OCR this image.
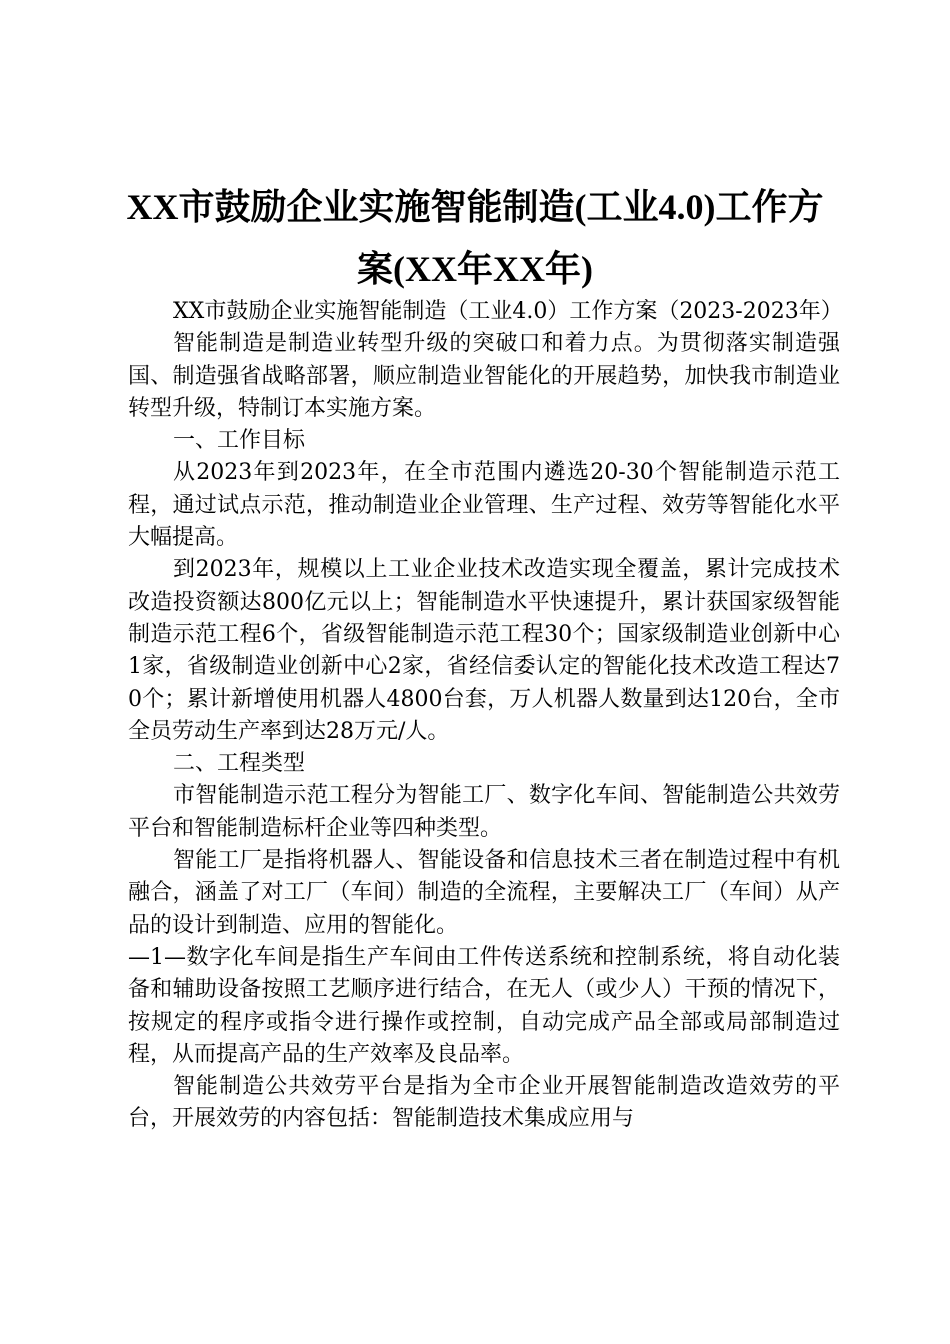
XX市鼓励企业实施智能制造(工业4.0)工作方
案(XX年XX年)

XX市鼓励企业实施智能制造（工业4.0）工作方案（2023-2023年）

智能制造是制造业转型升级的突破口和着力点。为贯彻落实制造强国、制造强省战略部署，顺应制造业智能化的开展趋势，加快我市制造业转型升级，特制订本实施方案。

一、工作目标

从2023年到2023年，在全市范围内遴选20-30个智能制造示范工程，通过试点示范，推动制造业企业管理、生产过程、效劳等智能化水平大幅提高。

到2023年，规模以上工业企业技术改造实现全覆盖，累计完成技术改造投资额达800亿元以上；智能制造水平快速提升，累计获国家级智能制造示范工程6个，省级智能制造示范工程30个；国家级制造业创新中心1家，省级制造业创新中心2家，省经信委认定的智能化技术改造工程达70个；累计新增使用机器人4800台套，万人机器人数量到达120台，全市全员劳动生产率到达28万元/人。

二、工程类型

市智能制造示范工程分为智能工厂、数字化车间、智能制造公共效劳平台和智能制造标杆企业等四种类型。

智能工厂是指将机器人、智能设备和信息技术三者在制造过程中有机融合，涵盖了对工厂（车间）制造的全流程，主要解决工厂（车间）从产品的设计到制造、应用的智能化。

—1—数字化车间是指生产车间由工件传送系统和控制系统，将自动化装备和辅助设备按照工艺顺序进行结合，在无人（或少人）干预的情况下，按规定的程序或指令进行操作或控制，自动完成产品全部或局部制造过程，从而提高产品的生产效率及良品率。

智能制造公共效劳平台是指为全市企业开展智能制造改造效劳的平台，开展效劳的内容包括：智能制造技术集成应用与
